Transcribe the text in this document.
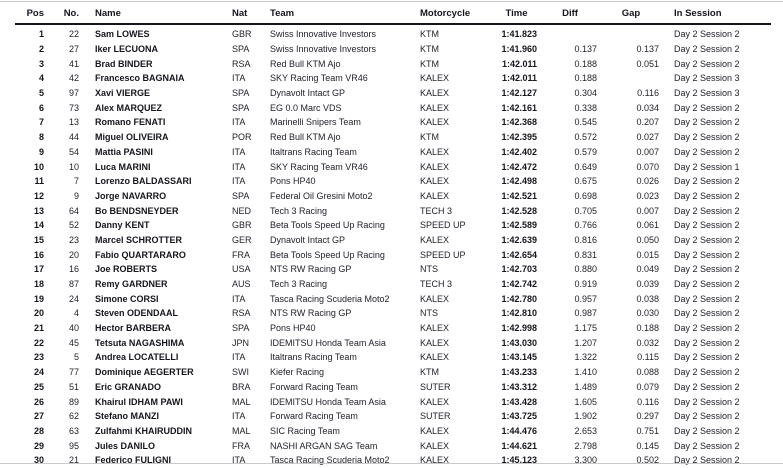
Pos	No.	Name	Nat	Team	Motorcycle	Time	Diff	Gap	In Session
1	22	Sam LOWES	GBR	Swiss Innovative Investors	KTM	1:41.823			Day 2 Session 2
2	27	Iker LECUONA	SPA	Swiss Innovative Investors	KTM	1:41.960	0.137	0.137	Day 2 Session 2
3	41	Brad BINDER	RSA	Red Bull KTM Ajo	KTM	1:42.011	0.188	0.051	Day 2 Session 2
4	42	Francesco BAGNAIA	ITA	SKY Racing Team VR46	KALEX	1:42.011	0.188		Day 2 Session 3
5	97	Xavi VIERGE	SPA	Dynavolt Intact GP	KALEX	1:42.127	0.304	0.116	Day 2 Session 3
6	73	Alex MARQUEZ	SPA	EG 0.0 Marc VDS	KALEX	1:42.161	0.338	0.034	Day 2 Session 2
7	13	Romano FENATI	ITA	Marinelli Snipers Team	KALEX	1:42.368	0.545	0.207	Day 2 Session 2
8	44	Miguel OLIVEIRA	POR	Red Bull KTM Ajo	KTM	1:42.395	0.572	0.027	Day 2 Session 2
9	54	Mattia PASINI	ITA	Italtrans Racing Team	KALEX	1:42.402	0.579	0.007	Day 2 Session 2
10	10	Luca MARINI	ITA	SKY Racing Team VR46	KALEX	1:42.472	0.649	0.070	Day 2 Session 1
11	7	Lorenzo BALDASSARI	ITA	Pons HP40	KALEX	1:42.498	0.675	0.026	Day 2 Session 2
12	9	Jorge NAVARRO	SPA	Federal Oil Gresini Moto2	KALEX	1:42.521	0.698	0.023	Day 2 Session 2
13	64	Bo BENDSNEYDER	NED	Tech 3 Racing	TECH 3	1:42.528	0.705	0.007	Day 2 Session 2
14	52	Danny KENT	GBR	Beta Tools Speed Up Racing	SPEED UP	1:42.589	0.766	0.061	Day 2 Session 2
15	23	Marcel SCHROTTER	GER	Dynavolt Intact GP	KALEX	1:42.639	0.816	0.050	Day 2 Session 2
16	20	Fabio QUARTARARO	FRA	Beta Tools Speed Up Racing	SPEED UP	1:42.654	0.831	0.015	Day 2 Session 2
17	16	Joe ROBERTS	USA	NTS RW Racing GP	NTS	1:42.703	0.880	0.049	Day 2 Session 2
18	87	Remy GARDNER	AUS	Tech 3 Racing	TECH 3	1:42.742	0.919	0.039	Day 2 Session 2
19	24	Simone CORSI	ITA	Tasca Racing Scuderia Moto2	KALEX	1:42.780	0.957	0.038	Day 2 Session 2
20	4	Steven ODENDAAL	RSA	NTS RW Racing GP	NTS	1:42.810	0.987	0.030	Day 2 Session 2
21	40	Hector BARBERA	SPA	Pons HP40	KALEX	1:42.998	1.175	0.188	Day 2 Session 2
22	45	Tetsuta NAGASHIMA	JPN	IDEMITSU Honda Team Asia	KALEX	1:43.030	1.207	0.032	Day 2 Session 2
23	5	Andrea LOCATELLI	ITA	Italtrans Racing Team	KALEX	1:43.145	1.322	0.115	Day 2 Session 2
24	77	Dominique AEGERTER	SWI	Kiefer Racing	KTM	1:43.233	1.410	0.088	Day 2 Session 2
25	51	Eric GRANADO	BRA	Forward Racing Team	SUTER	1:43.312	1.489	0.079	Day 2 Session 2
26	89	Khairul IDHAM PAWI	MAL	IDEMITSU Honda Team Asia	KALEX	1:43.428	1.605	0.116	Day 2 Session 2
27	62	Stefano MANZI	ITA	Forward Racing Team	SUTER	1:43.725	1.902	0.297	Day 2 Session 2
28	63	Zulfahmi KHAIRUDDIN	MAL	SIC Racing Team	KALEX	1:44.476	2.653	0.751	Day 2 Session 2
29	95	Jules DANILO	FRA	NASHI ARGAN SAG Team	KALEX	1:44.621	2.798	0.145	Day 2 Session 2
30	21	Federico FULIGNI	ITA	Tasca Racing Scuderia Moto2	KALEX	1:45.123	3.300	0.502	Day 2 Session 2
